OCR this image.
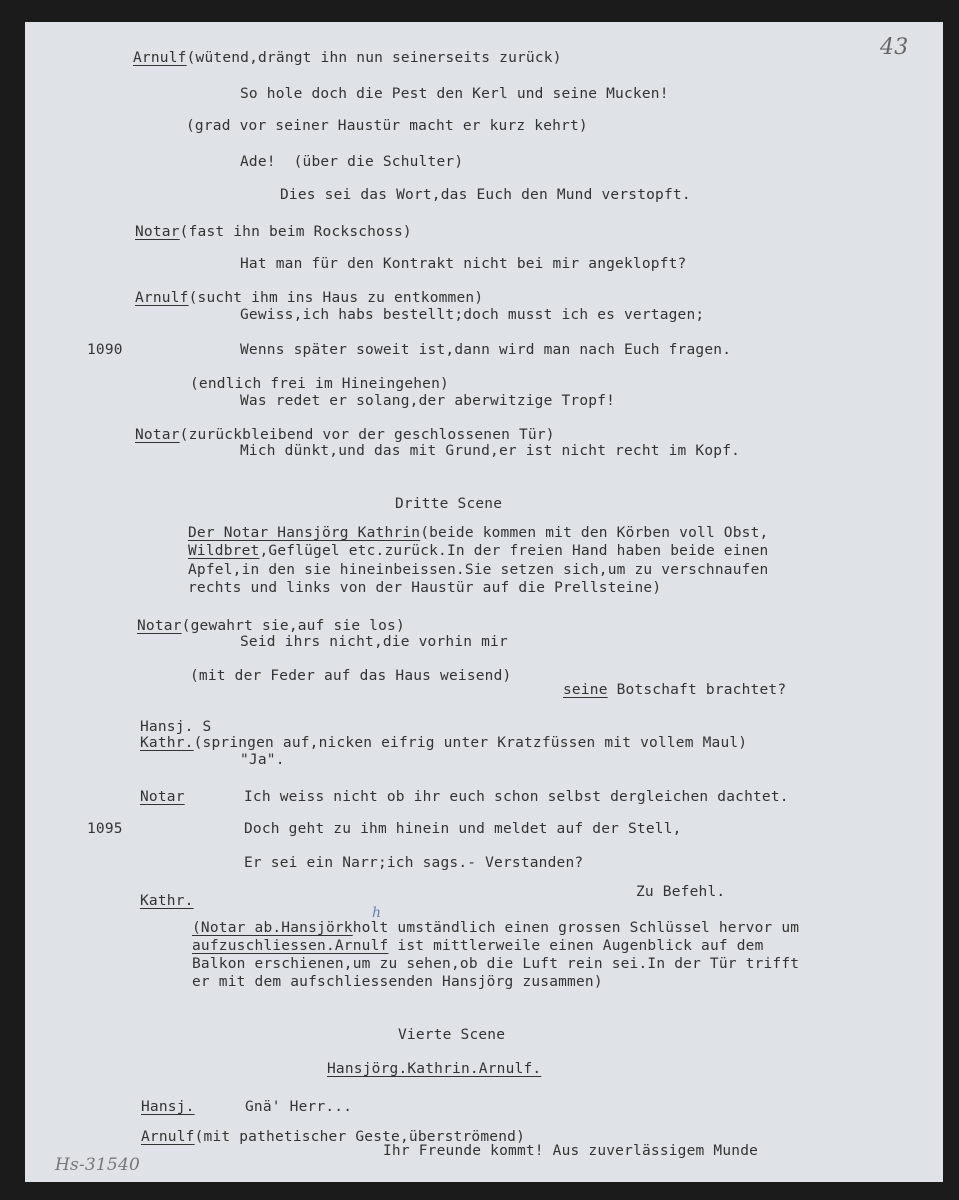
43
h
Arnulf(wütend,drängt ihn nun seinerseits zurück)
So hole doch die Pest den Kerl und seine Mucken!
(grad vor seiner Haustür macht er kurz kehrt)
Ade!  (über die Schulter)
Dies sei das Wort,das Euch den Mund verstopft.
Notar(fast ihn beim Rockschoss)
Hat man für den Kontrakt nicht bei mir angeklopft?
Arnulf(sucht ihm ins Haus zu entkommen)
Gewiss,ich habs bestellt;doch musst ich es vertagen;
1090	Wenns später soweit ist,dann wird man nach Euch fragen.
(endlich frei im Hineingehen)
Was redet er solang,der aberwitzige Tropf!
Notar(zurückbleibend vor der geschlossenen Tür)
Mich dünkt,und das mit Grund,er ist nicht recht im Kopf.
Dritte Scene
Der Notar Hansjörg Kathrin(beide kommen mit den Körben voll Obst,
Wildbret,Geflügel etc.zurück.In der freien Hand haben beide einen
Apfel,in den sie hineinbeissen.Sie setzen sich,um zu verschnaufen
rechts und links von der Haustür auf die Prellsteine)
Notar(gewahrt sie,auf sie los)
Seid ihrs nicht,die vorhin mir
(mit der Feder auf das Haus weisend)
seine Botschaft brachtet?
Hansj. S
Kathr.(springen auf,nicken eifrig unter Kratzfüssen mit vollem Maul)
"Ja".
Notar	Ich weiss nicht ob ihr euch schon selbst dergleichen dachtet.
1095	Doch geht zu ihm hinein und meldet auf der Stell,
Er sei ein Narr;ich sags.- Verstanden?
Zu Befehl.
Kathr.
(Notar ab.Hansjörkholt umständlich einen grossen Schlüssel hervor um
aufzuschliessen.Arnulf ist mittlerweile einen Augenblick auf dem
Balkon erschienen,um zu sehen,ob die Luft rein sei.In der Tür trifft
er mit dem aufschliessenden Hansjörg zusammen)
Vierte Scene
Hansjörg.Kathrin.Arnulf.
Hansj.	Gnä' Herr...
Arnulf(mit pathetischer Geste,überströmend)
Ihr Freunde kommt! Aus zuverlässigem Munde
Hs-31540
